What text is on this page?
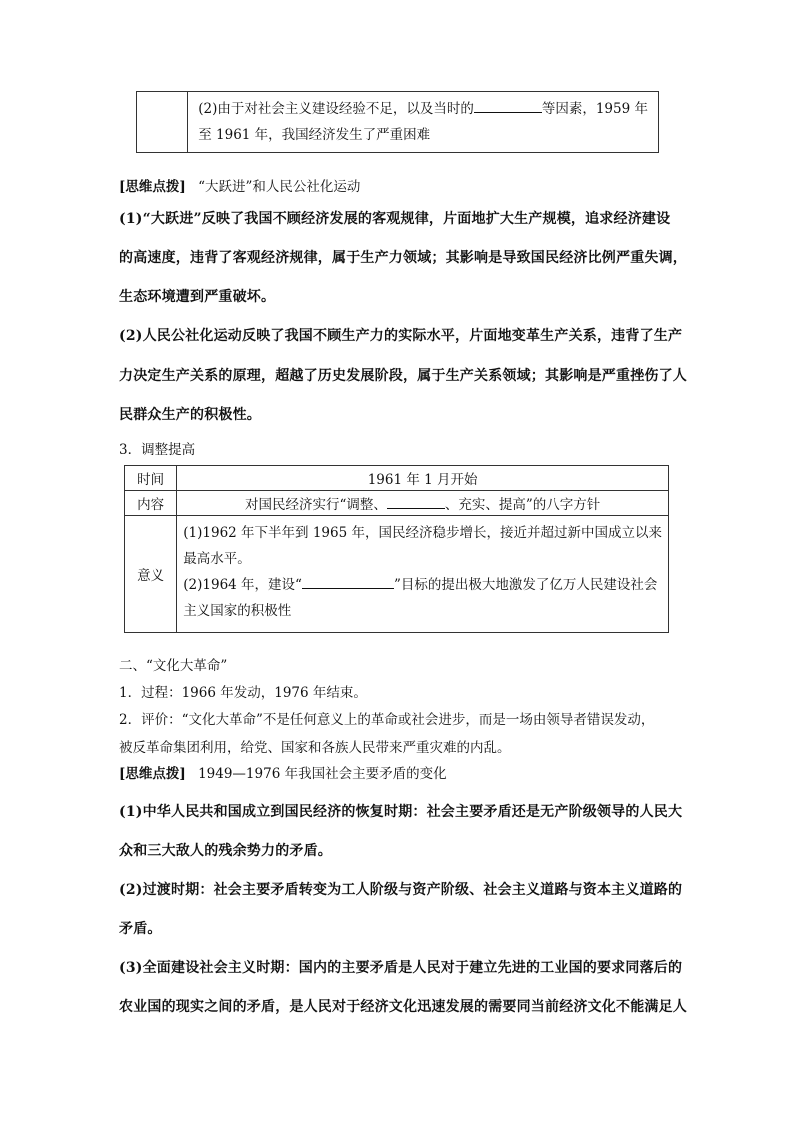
(2)由于对社会主义建设经验不足，以及当时的	等因素，1959 年
至 1961 年，我国经济发生了严重困难
[思维点拨] “大跃进”和人民公社化运动
(1)“大跃进”反映了我国不顾经济发展的客观规律，片面地扩大生产规模，追求经济建设
的高速度，违背了客观经济规律，属于生产力领域；其影响是导致国民经济比例严重失调，
生态环境遭到严重破坏。
(2)人民公社化运动反映了我国不顾生产力的实际水平，片面地变革生产关系，违背了生产
力决定生产关系的原理，超越了历史发展阶段，属于生产关系领域；其影响是严重挫伤了人
民群众生产的积极性。
3．调整提高
时间	1961 年 1 月开始
内容	对国民经济实行“调整、 、充实、提高”的八字方针
意义	(1)1962 年下半年到 1965 年，国民经济稳步增长，接近并超过新中国成立以来
最高水平。
(2)1964 年，建设“ ”目标的提出极大地激发了亿万人民建设社会
主义国家的积极性
二、“文化大革命”
1．过程：1966 年发动，1976 年结束。
2．评价：“文化大革命”不是任何意义上的革命或社会进步，而是一场由领导者错误发动，
被反革命集团利用，给党、国家和各族人民带来严重灾难的内乱。
[思维点拨] 1949—1976 年我国社会主要矛盾的变化
(1)中华人民共和国成立到国民经济的恢复时期：社会主要矛盾还是无产阶级领导的人民大
众和三大敌人的残余势力的矛盾。
(2)过渡时期：社会主要矛盾转变为工人阶级与资产阶级、社会主义道路与资本主义道路的
矛盾。
(3)全面建设社会主义时期：国内的主要矛盾是人民对于建立先进的工业国的要求同落后的
农业国的现实之间的矛盾，是人民对于经济文化迅速发展的需要同当前经济文化不能满足人
